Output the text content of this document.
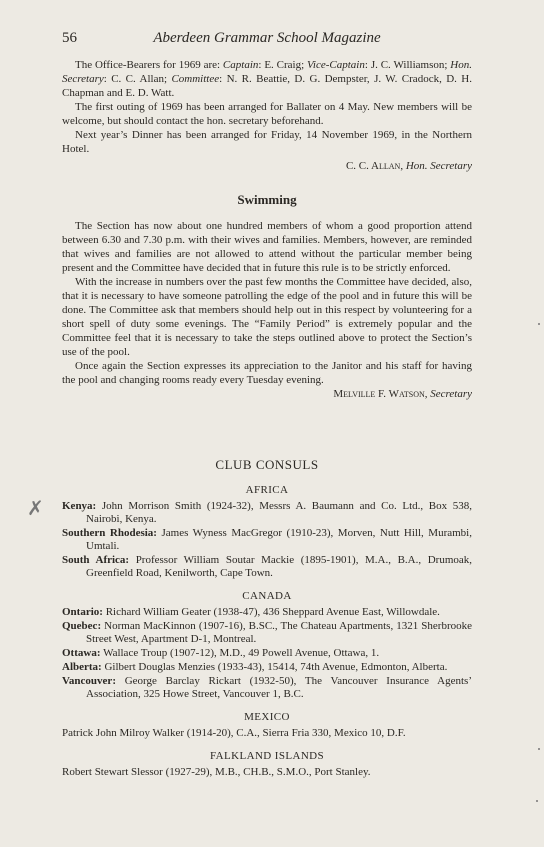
56	Aberdeen Grammar School Magazine

The Office-Bearers for 1969 are: Captain: E. Craig; Vice-Captain: J. C. Williamson; Hon. Secretary: C. C. Allan; Committee: N. R. Beattie, D. G. Dempster, J. W. Cradock, D. H. Chapman and E. D. Watt.

The first outing of 1969 has been arranged for Ballater on 4 May. New members will be welcome, but should contact the hon. secretary beforehand.

Next year’s Dinner has been arranged for Friday, 14 November 1969, in the Northern Hotel.

C. C. Allan, Hon. Secretary

Swimming

The Section has now about one hundred members of whom a good proportion attend between 6.30 and 7.30 p.m. with their wives and families. Members, however, are reminded that wives and families are not allowed to attend without the particular member being present and the Committee have decided that in future this rule is to be strictly enforced.

With the increase in numbers over the past few months the Committee have decided, also, that it is necessary to have someone patrolling the edge of the pool and in future this will be done. The Committee ask that members should help out in this respect by volunteering for a short spell of duty some evenings. The “Family Period” is extremely popular and the Committee feel that it is necessary to take the steps outlined above to protect the Section’s use of the pool.

Once again the Section expresses its appreciation to the Janitor and his staff for having the pool and changing rooms ready every Tuesday evening.

Melville F. Watson, Secretary

CLUB CONSULS
AFRICA
Kenya: John Morrison Smith (1924-32), Messrs A. Baumann and Co. Ltd., Box 538, Nairobi, Kenya.
Southern Rhodesia: James Wyness MacGregor (1910-23), Morven, Nutt Hill, Murambi, Umtali.
South Africa: Professor William Soutar Mackie (1895-1901), M.A., B.A., Drumoak, Greenfield Road, Kenilworth, Cape Town.
CANADA
Ontario: Richard William Geater (1938-47), 436 Sheppard Avenue East, Willowdale.
Quebec: Norman MacKinnon (1907-16), B.SC., The Chateau Apartments, 1321 Sherbrooke Street West, Apartment D-1, Montreal.
Ottawa: Wallace Troup (1907-12), M.D., 49 Powell Avenue, Ottawa, 1.
Alberta: Gilbert Douglas Menzies (1933-43), 15414, 74th Avenue, Edmonton, Alberta.
Vancouver: George Barclay Rickart (1932-50), The Vancouver Insurance Agents’ Association, 325 Howe Street, Vancouver 1, B.C.
MEXICO
Patrick John Milroy Walker (1914-20), C.A., Sierra Fria 330, Mexico 10, D.F.
FALKLAND ISLANDS
Robert Stewart Slessor (1927-29), M.B., CH.B., S.M.O., Port Stanley.
✗
